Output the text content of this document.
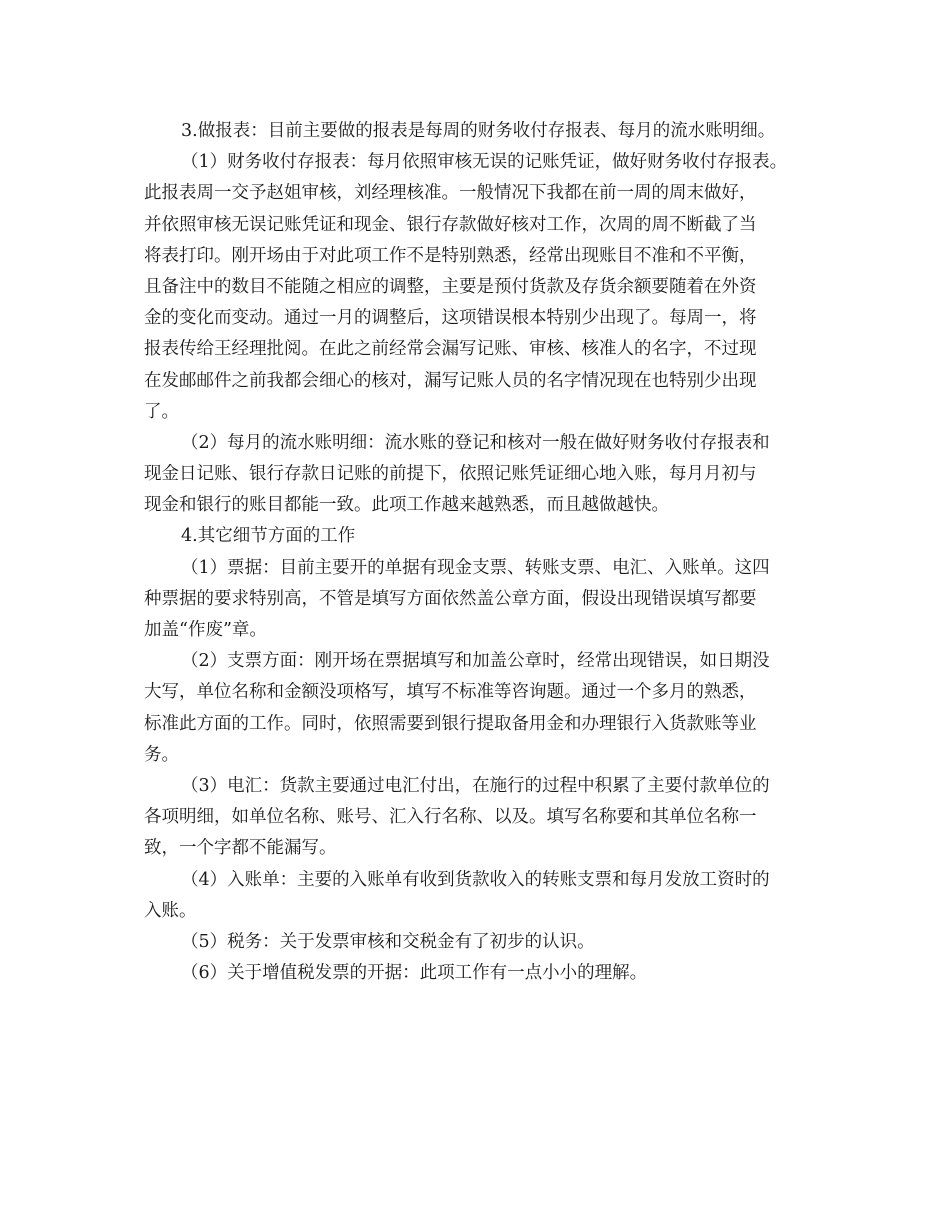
3.做报表：目前主要做的报表是每周的财务收付存报表、每月的流水账明细。
（1）财务收付存报表：每月依照审核无误的记账凭证，做好财务收付存报表。
此报表周一交予赵姐审核，刘经理核准。一般情况下我都在前一周的周末做好，
并依照审核无误记账凭证和现金、银行存款做好核对工作，次周的周不断截了当
将表打印。刚开场由于对此项工作不是特别熟悉，经常出现账目不准和不平衡，
且备注中的数目不能随之相应的调整，主要是预付货款及存货余额要随着在外资
金的变化而变动。通过一月的调整后，这项错误根本特别少出现了。每周一，将
报表传给王经理批阅。在此之前经常会漏写记账、审核、核准人的名字，不过现
在发邮邮件之前我都会细心的核对，漏写记账人员的名字情况现在也特别少出现
了。
（2）每月的流水账明细：流水账的登记和核对一般在做好财务收付存报表和
现金日记账、银行存款日记账的前提下，依照记账凭证细心地入账，每月月初与
现金和银行的账目都能一致。此项工作越来越熟悉，而且越做越快。
4.其它细节方面的工作
（1）票据：目前主要开的单据有现金支票、转账支票、电汇、入账单。这四
种票据的要求特别高，不管是填写方面依然盖公章方面，假设出现错误填写都要
加盖“作废”章。
（2）支票方面：刚开场在票据填写和加盖公章时，经常出现错误，如日期没
大写，单位名称和金额没项格写，填写不标准等咨询题。通过一个多月的熟悉，
标准此方面的工作。同时，依照需要到银行提取备用金和办理银行入货款账等业
务。
（3）电汇：货款主要通过电汇付出，在施行的过程中积累了主要付款单位的
各项明细，如单位名称、账号、汇入行名称、以及。填写名称要和其单位名称一
致，一个字都不能漏写。
（4）入账单：主要的入账单有收到货款收入的转账支票和每月发放工资时的
入账。
（5）税务：关于发票审核和交税金有了初步的认识。
（6）关于增值税发票的开据：此项工作有一点小小的理解。
